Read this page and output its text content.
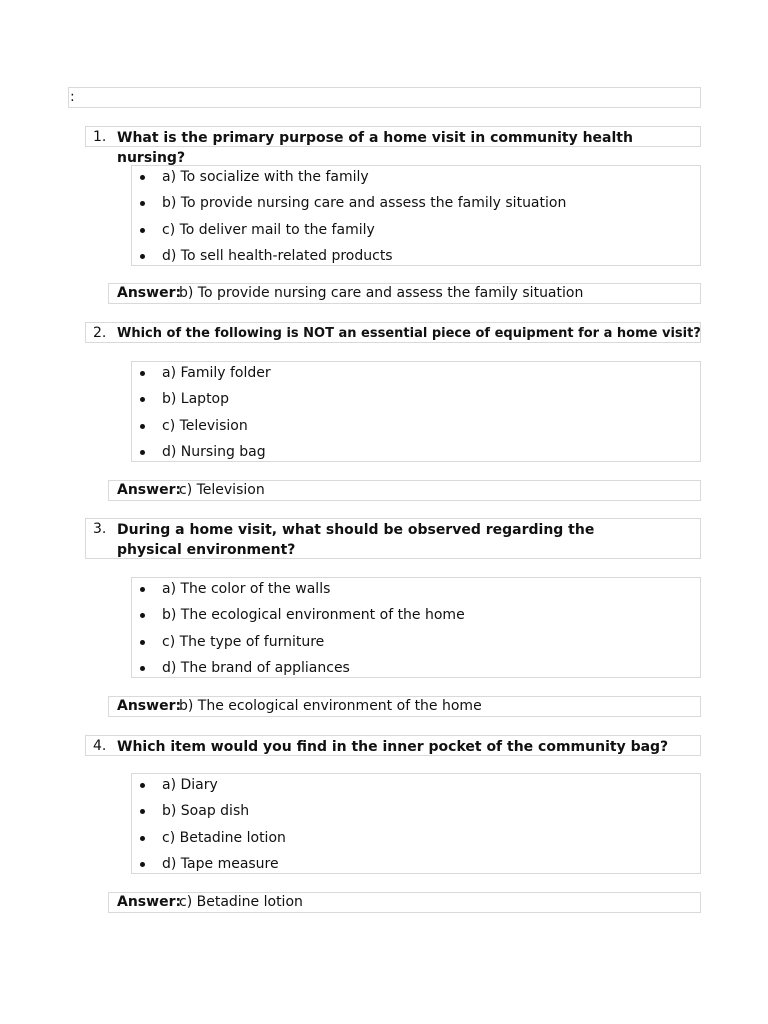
:
1. What is the primary purpose of a home visit in community health nursing?
a) To socialize with the family
b) To provide nursing care and assess the family situation
c) To deliver mail to the family
d) To sell health-related products
Answer:
b) To provide nursing care and assess the family situation
2. Which of the following is NOT an essential piece of equipment for a home visit?
a) Family folder
b) Laptop
c) Television
d) Nursing bag
Answer:
c) Television
3. During a home visit, what should be observed regarding the physical environment?
a) The color of the walls
b) The ecological environment of the home
c) The type of furniture
d) The brand of appliances
Answer:
b) The ecological environment of the home
4. Which item would you find in the inner pocket of the community bag?
a) Diary
b) Soap dish
c) Betadine lotion
d) Tape measure
Answer:
c) Betadine lotion
